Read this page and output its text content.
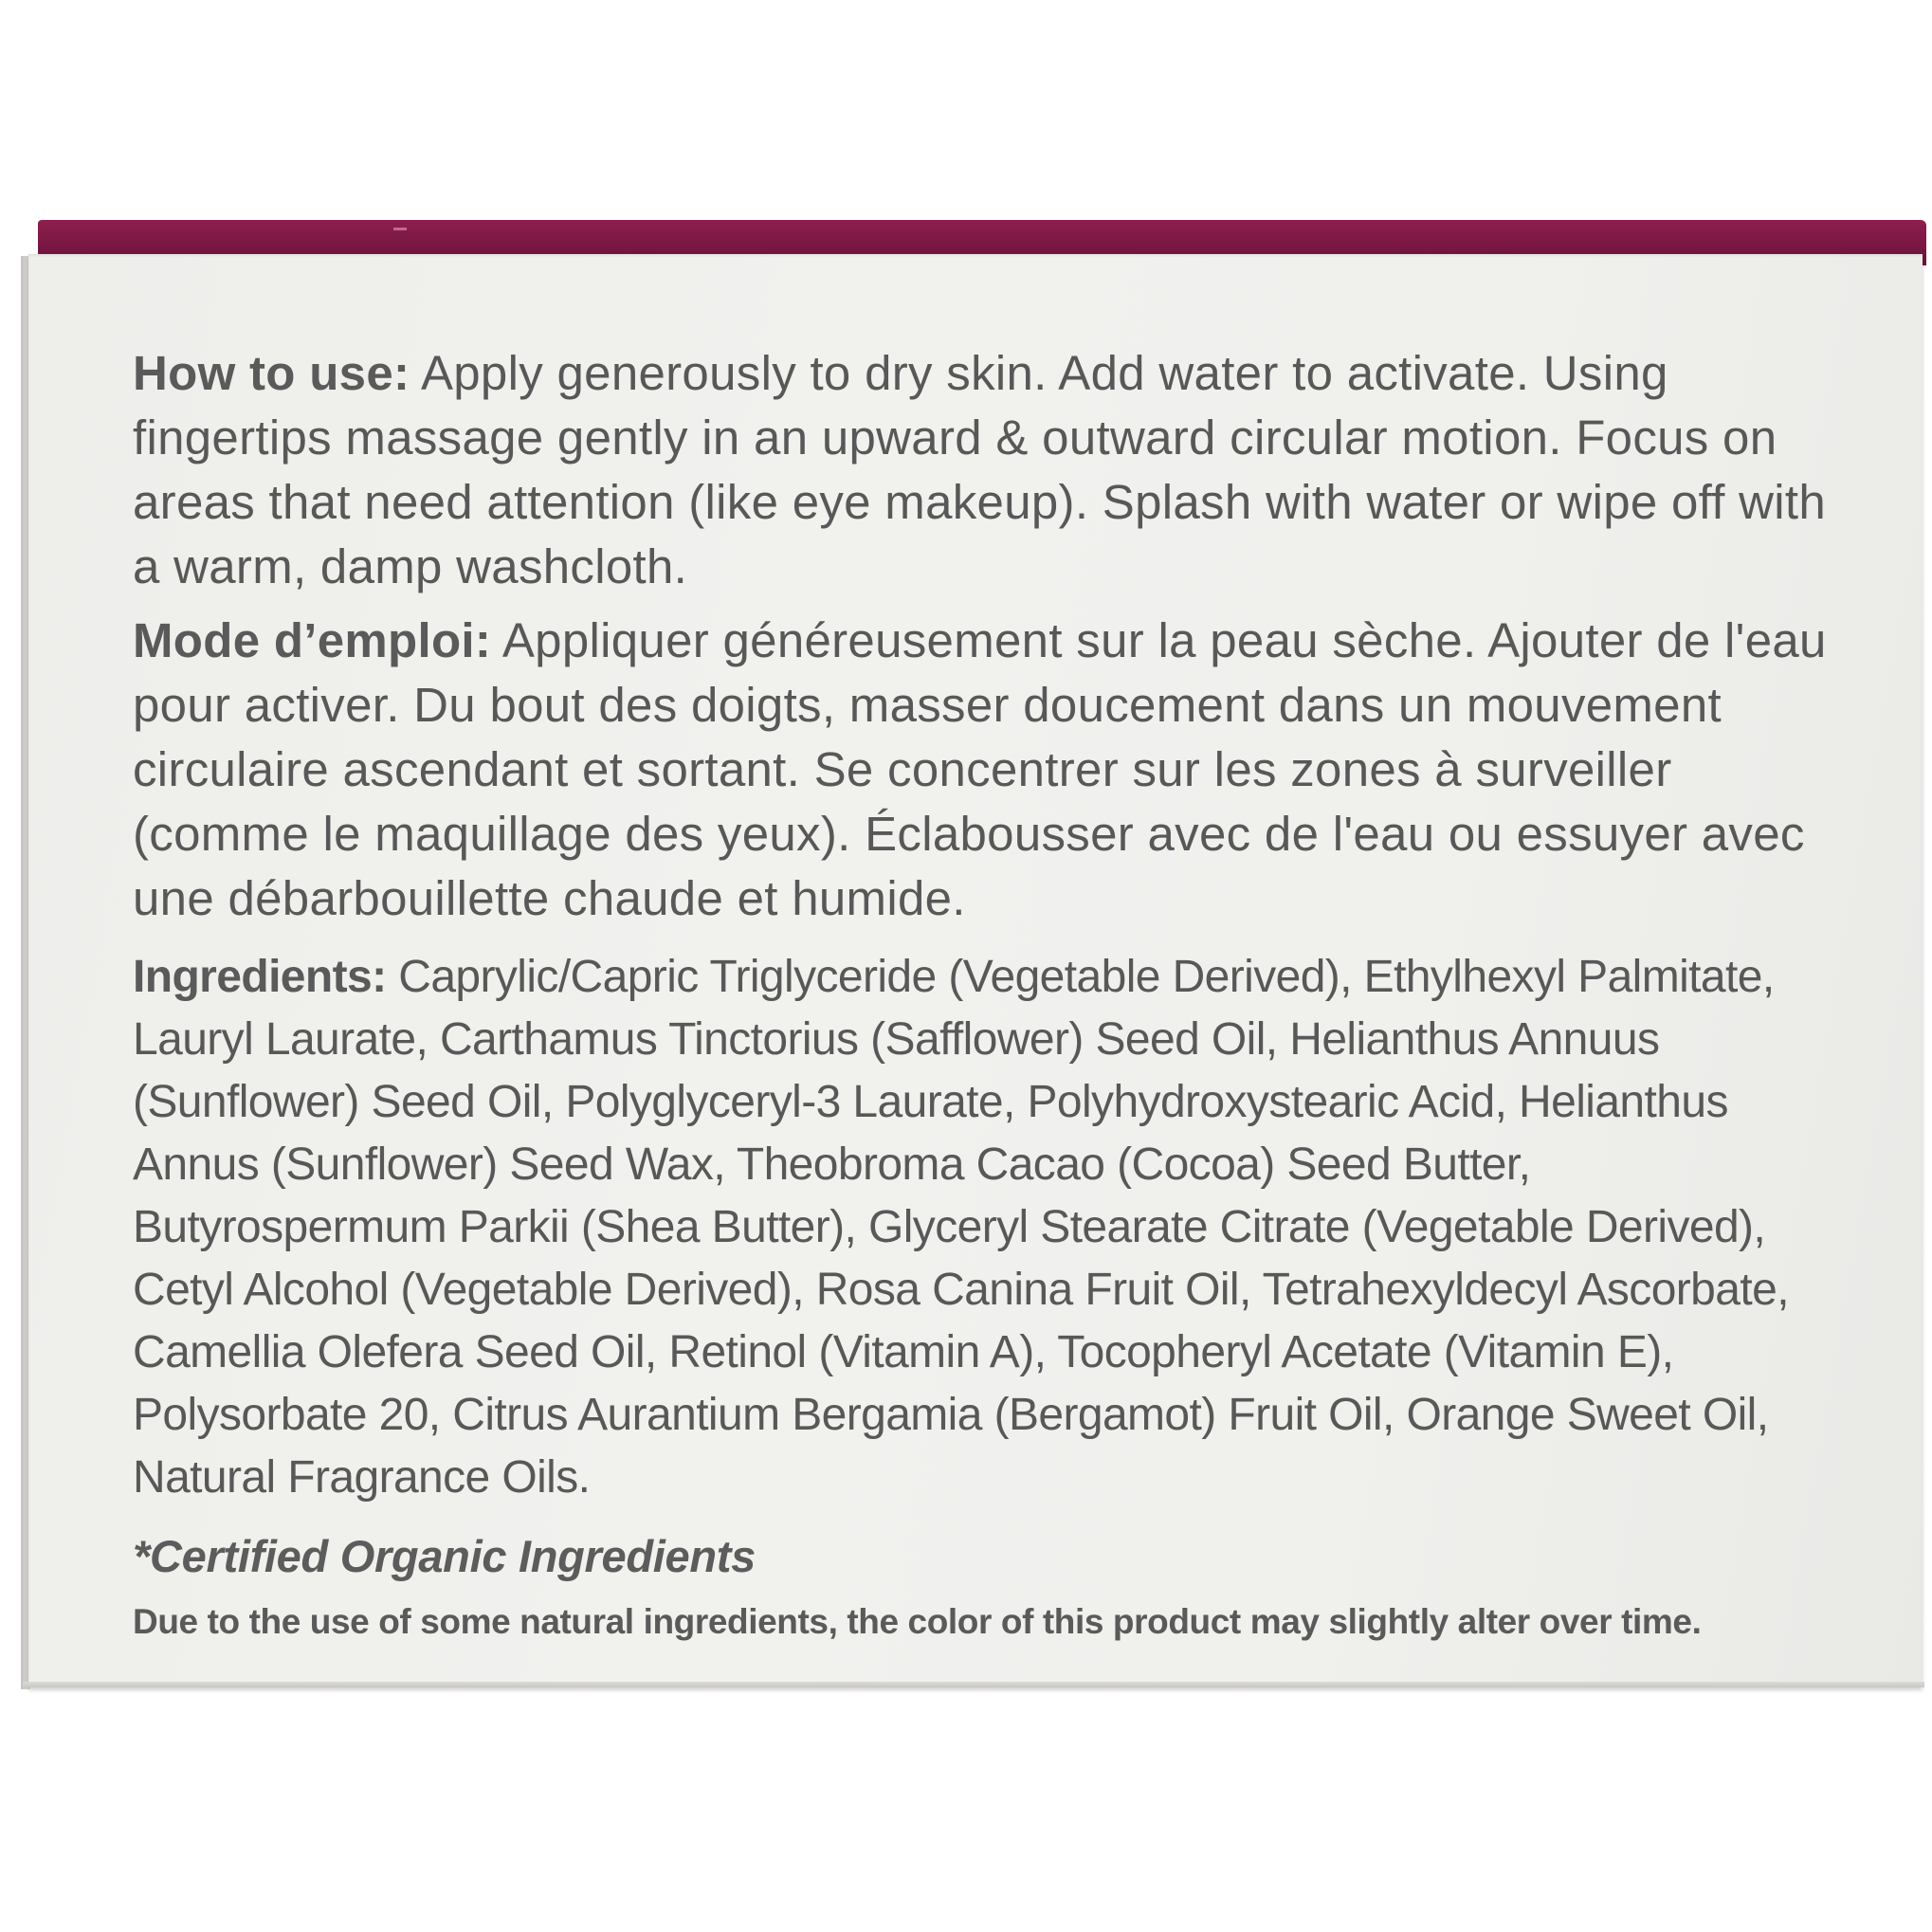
How to use: Apply generously to dry skin. Add water to activate. Using fingertips massage gently in an upward & outward circular motion. Focus on areas that need attention (like eye makeup). Splash with water or wipe off with a warm, damp washcloth.

Mode d’emploi: Appliquer généreusement sur la peau sèche. Ajouter de l'eau pour activer. Du bout des doigts, masser doucement dans un mouvement circulaire ascendant et sortant. Se concentrer sur les zones à surveiller (comme le maquillage des yeux). Éclabousser avec de l'eau ou essuyer avec une débarbouillette chaude et humide.

Ingredients: Caprylic/Capric Triglyceride (Vegetable Derived), Ethylhexyl Palmitate, Lauryl Laurate, Carthamus Tinctorius (Safflower) Seed Oil, Helianthus Annuus (Sunflower) Seed Oil, Polyglyceryl-3 Laurate, Polyhydroxystearic Acid, Helianthus Annus (Sunflower) Seed Wax, Theobroma Cacao (Cocoa) Seed Butter, Butyrospermum Parkii (Shea Butter), Glyceryl Stearate Citrate (Vegetable Derived), Cetyl Alcohol (Vegetable Derived), Rosa Canina Fruit Oil, Tetrahexyldecyl Ascorbate, Camellia Olefera Seed Oil, Retinol (Vitamin A), Tocopheryl Acetate (Vitamin E), Polysorbate 20, Citrus Aurantium Bergamia (Bergamot) Fruit Oil, Orange Sweet Oil, Natural Fragrance Oils.

*Certified Organic Ingredients

Due to the use of some natural ingredients, the color of this product may slightly alter over time.
